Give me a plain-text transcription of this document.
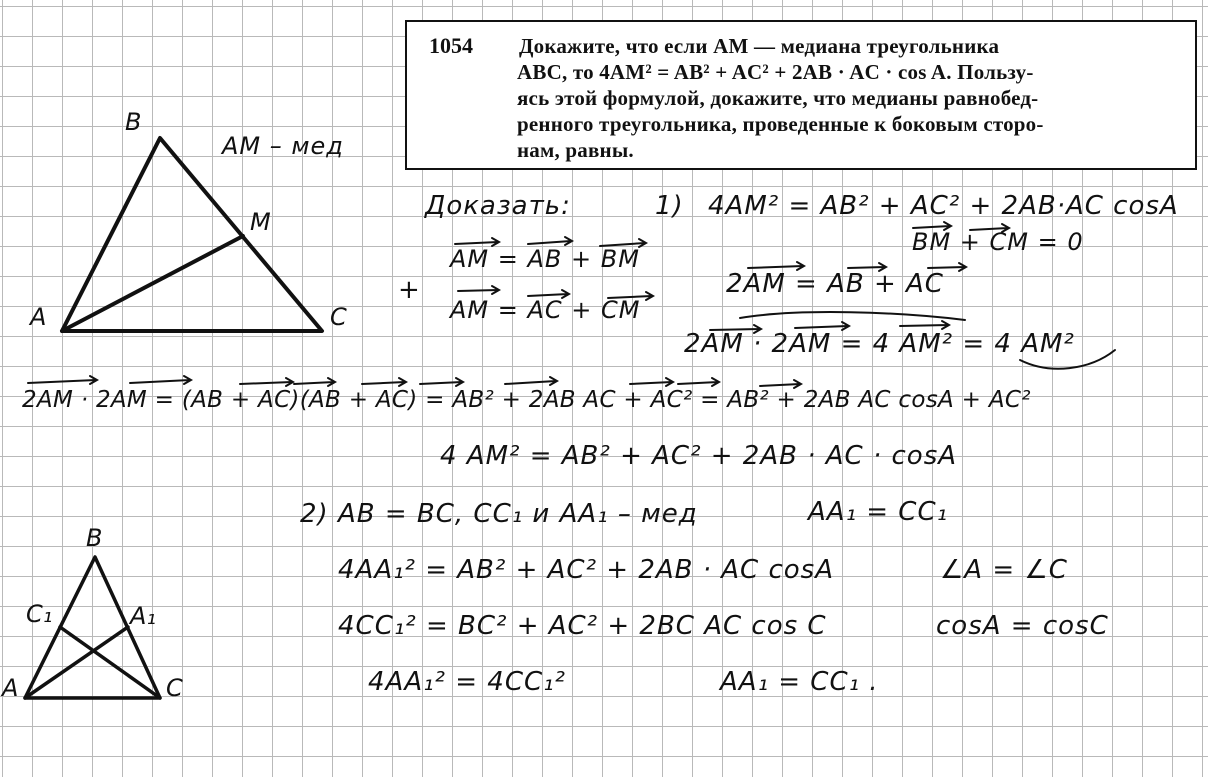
1054 Докажите, что если AM — медиана треугольника
ABC, то 4AM² = AB² + AC² + 2AB · AC · cos A. Пользу-
ясь этой формулой, докажите, что медианы равнобед-
ренного треугольника, проведенные к боковым сторо-
нам, равны.
B
A	C
M
AM – мед
B
A	C
A₁
C₁
Доказать:	1) 4AM² = AB² + AC² + 2AB·AC cosA
BM + CM = 0
AM = AB + BM
+
AM = AC + CM
2AM = AB + AC
2AM · 2AM = 4 AM² = 4 AM²
2AM · 2AM = (AB + AC)(AB + AC) = AB² + 2AB AC + AC² = AB² + 2AB AC cosA + AC²
4 AM² = AB² + AC² + 2AB · AC · cosA
2) AB = BC, CC₁ и AA₁ – мед	AA₁ = CC₁
4AA₁² = AB² + AC² + 2AB · AC cosA	∠A = ∠C
4CC₁² = BC² + AC² + 2BC AC cos C	cosA = cosC
4AA₁² = 4CC₁²	AA₁ = CC₁ .
